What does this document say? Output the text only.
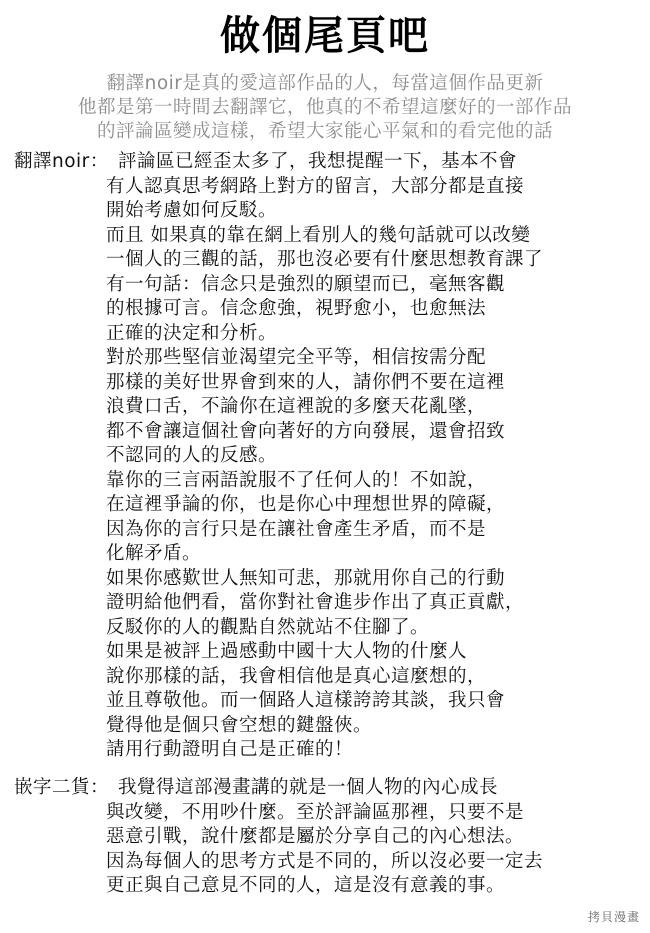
做個尾頁吧
翻譯noir是真的愛這部作品的人，每當這個作品更新
他都是第一時間去翻譯它，他真的不希望這麼好的一部作品
的評論區變成這樣，希望大家能心平氣和的看完他的話
翻譯noir： 評論區已經歪太多了，我想提醒一下，基本不會
有人認真思考網路上對方的留言，大部分都是直接
開始考慮如何反駁。
而且 如果真的靠在網上看別人的幾句話就可以改變
一個人的三觀的話，那也沒必要有什麼思想教育課了
有一句話：信念只是強烈的願望而已，毫無客觀
的根據可言。信念愈強，視野愈小，也愈無法
正確的決定和分析。
對於那些堅信並渴望完全平等，相信按需分配
那樣的美好世界會到來的人，請你們不要在這裡
浪費口舌，不論你在這裡說的多麼天花亂墜，
都不會讓這個社會向著好的方向發展，還會招致
不認同的人的反感。
靠你的三言兩語說服不了任何人的！不如說，
在這裡爭論的你，也是你心中理想世界的障礙，
因為你的言行只是在讓社會產生矛盾，而不是
化解矛盾。
如果你感歎世人無知可悲，那就用你自己的行動
證明給他們看，當你對社會進步作出了真正貢獻，
反駁你的人的觀點自然就站不住腳了。
如果是被評上過感動中國十大人物的什麼人
說你那樣的話，我會相信他是真心這麼想的，
並且尊敬他。而一個路人這樣誇誇其談，我只會
覺得他是個只會空想的鍵盤俠。
請用行動證明自己是正確的！
嵌字二貨： 我覺得這部漫畫講的就是一個人物的內心成長
與改變，不用吵什麼。至於評論區那裡，只要不是
惡意引戰，說什麼都是屬於分享自己的內心想法。
因為每個人的思考方式是不同的，所以沒必要一定去
更正與自己意見不同的人，這是沒有意義的事。
拷貝漫畫
